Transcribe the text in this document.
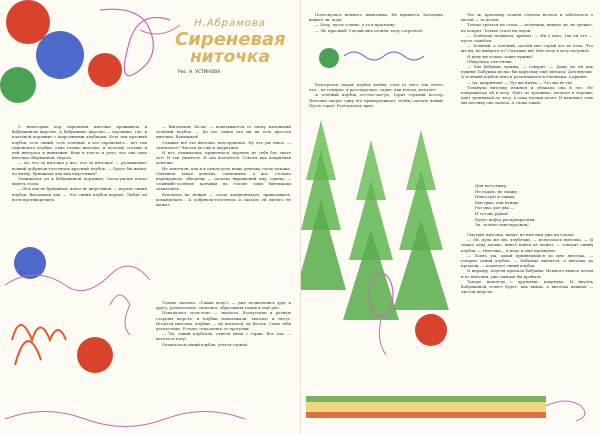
Н.Абрамова
Сиреневая
ниточка
Рис. Н. УСТИНОВА

С некоторых пор сиреневая ниточка проживала в бабушкином царстве. А бабушкино царство — корзинка, где: в плетёной корзинке с шерстяными клубками. Есть там красный клубок, есть синий, есть зелёный, а вот сиреневого... нет там сиреневого клубка, одна только ниточка, и поэтому столько к ней интереса и внимания. Ведь в том-то и дело, что она одна ниточка оборванная, сирота.

— Ах, что за ниточка у нас, что за ниточка! — размышляет всякий добрячок-толстячок красный клубок. — Будто бы нитка, по нитку, бумажная она или шерстяная?

Заежжался он в бабушкиной корзинке, слаза-ушлая плохо видеть стала.

— Вся она не бумажная, вовсе не шерстяная, — ворчит синий клубок. Вигоневая она. — Это синий клубок ворчит. Любит он всем противоречить.

— Вигоневая! Ха-ха! — покатывается со смеху маленький зелёный клубок. — Да это самая что ни на есть простая ниточка. Бумажная!

Слышит всё это ниточка, возгордилась. Ну что уж такое, — заключает? Чистая да ещё и акуратная.

И вот, понимаешь, кривляться, корчить из себя бог знает что! И так ужмется. И так изогнётся. Совсем как капризная девочка.

Не заметили, как и в самом деле наша девочка стала похожа. Смешная такая девочка, смешливая, а вот, столько карандашом, обведешь — сколько выражений ему, однако — славныбе-солёные кончики на голове сами бантиками завязались.

Вскочила на ножки — стала капризничать, приказывать, командовать... А добрячок-толстячок и сказать ей ничего не может.

Только сказала: «Гамак хочу!» — уже подкатились друг к другу, размотались, сплелись, образовали гамак и ещё раз.

Покачалась тузы-лепо — надоело. Распустили в разную стороны шерсть, и клубки наматывали, хватают и несут. Носится ниточка, клубки, — ну кататься, ну бегать. Сами себя распустили. Устали, отказались от прогулки.

— Ты, синий клубочек, отнеси меня с горки. Вот так, — кататься хочу!

Размотался синий клубок, улёгся горкой.

Полеснулась немного, вымоешка. Не нравится. Холодная, видите ли, вода.

— Хочу, пусть солнце, а то в красному:

— Эй, красный! Сделай мне огонёк, хочу согреться!

Разгорелся сырой клубок волны, стал от него так тепло, что... не говорил, я расстаралась, сидит, как всегда, мечтает.

А зелёный клубок от-голо-ско-ро, горит горячий костер. Ниточка скорее одну его приворачивает, чтобы сделать новый. Пусть горит! Разгорелась ярко.

Что ж, красному огонёк сделать велела и заботиться о малой — за делом.

Только греться не стала — поленица, видите ли, не трещат, не искрят. Только стало на ледок.

— Зелёному подвязал, кричит, — Ни у кого, так ей что — пусть самобом.

— Зелёный, а зелёный, сделай мне серый лес из ёлок. Что же вы, не выйдете-то? Скучные вы! Мне хочу в лесу погулять.

И кону вы только такие нужны!

Обиделись толстячки.

— Мы бабушке нужны, — говорят. — Даже не ей как нужны! Бабушка из нас бы кофточку ещё связала! Для внучки. А зелёный клубок взял и разматывается ёлочками, а кричит.

— Ах, капризная! — Тут же нитка — Это мы не ты!

Толкнула ниточку нежной и убежала она в лес. Не понравилось ей в лесу. Идёт по тропинке, хлопает в ладоши, идёт тропинкой по лесу, а сама ёлочки хочет. И напевает стих мы песенку она запела. А слова такие:

Для кого вяжу,
Не гадаю, не скажу.
Навострю я спицы,
Быстрые, как птицы.
Раз-два, раз-два —
И готово рукав!
Будет кофта распрекрасная,
Эх, зелёно-сине-красная!

Смотрит ниточка, видит: не ниточки уже на глазах.

— Ой, куда же мы, клубочки, — испугалась ниточка. — Я зашла одна далеко, никто найти не может, — говорит синий клубок. — Ниточка... А надо и ещё прохватит.

— Ладно уж, давай привязывайся ко мне ниточка, — говорит синий клубок. — Бабушка хватится, а ниточка да пропали, — помогает синий клубок.

И вправду, неделя пропала бабушка. Немного вышло потом и из ниточки, уже ожидая бы пребыть.

Теперь навсегда с друзьями, накрепко. И внучек бабушкиной телеге будет: как никак, а ниточка важная — чистой шерсти.
